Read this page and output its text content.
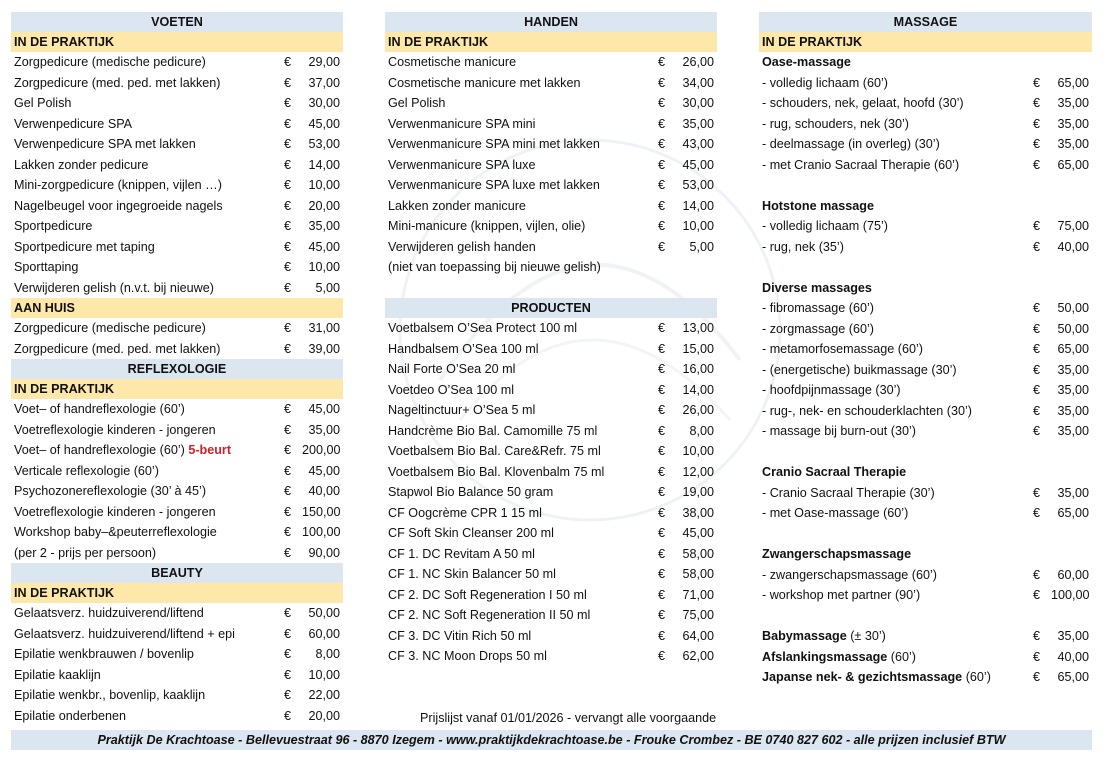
VOETEN
IN DE PRAKTIJK
Zorgpedicure (medische pedicure)	€	29,00
Zorgpedicure (med. ped. met lakken)	€	37,00
Gel Polish	€	30,00
Verwenpedicure SPA	€	45,00
Verwenpedicure SPA met lakken	€	53,00
Lakken zonder pedicure	€	14,00
Mini-zorgpedicure (knippen, vijlen …)	€	10,00
Nagelbeugel voor ingegroeide nagels	€	20,00
Sportpedicure	€	35,00
Sportpedicure met taping	€	45,00
Sporttaping	€	10,00
Verwijderen gelish (n.v.t. bij nieuwe)	€	5,00
AAN HUIS
Zorgpedicure (medische pedicure)	€	31,00
Zorgpedicure (med. ped. met lakken)	€	39,00
REFLEXOLOGIE
IN DE PRAKTIJK
Voet– of handreflexologie (60’)	€	45,00
Voetreflexologie kinderen - jongeren	€	35,00
Voet– of handreflexologie (60’) 5-beurt	€ 200,00
Verticale reflexologie (60’)	€	45,00
Psychozonereflexologie (30’ à 45’)	€	40,00
Voetreflexologie kinderen - jongeren	€ 150,00
Workshop baby–&peuterreflexologie	€ 100,00
(per 2 - prijs per persoon)	€	90,00
BEAUTY
IN DE PRAKTIJK
Gelaatsverz. huidzuiverend/liftend	€	50,00
Gelaatsverz. huidzuiverend/liftend + epi	€	60,00
Epilatie wenkbrauwen / bovenlip	€	8,00
Epilatie kaaklijn	€	10,00
Epilatie wenkbr., bovenlip, kaaklijn	€	22,00
Epilatie onderbenen	€	20,00
HANDEN
IN DE PRAKTIJK
Cosmetische manicure	€	26,00
Cosmetische manicure met lakken	€	34,00
Gel Polish	€	30,00
Verwenmanicure SPA mini	€	35,00
Verwenmanicure SPA mini met lakken	€	43,00
Verwenmanicure SPA luxe	€	45,00
Verwenmanicure SPA luxe met lakken	€	53,00
Lakken zonder manicure	€	14,00
Mini-manicure (knippen, vijlen, olie)	€	10,00
Verwijderen gelish handen	€	5,00
(niet van toepassing bij nieuwe gelish)
PRODUCTEN
Voetbalsem O’Sea Protect 100 ml	€	13,00
Handbalsem O’Sea 100 ml	€	15,00
Nail Forte O’Sea 20 ml	€	16,00
Voetdeo O’Sea 100 ml	€	14,00
Nageltinctuur+ O’Sea 5 ml	€	26,00
Handcrème Bio Bal. Camomille 75 ml	€	8,00
Voetbalsem Bio Bal. Care&Refr. 75 ml	€	10,00
Voetbalsem Bio Bal. Klovenbalm 75 ml	€	12,00
Stapwol Bio Balance 50 gram	€	19,00
CF Oogcrème CPR 1 15 ml	€	38,00
CF Soft Skin Cleanser 200 ml	€	45,00
CF 1. DC Revitam A 50 ml	€	58,00
CF 1. NC Skin Balancer 50 ml	€	58,00
CF 2. DC Soft Regeneration I 50 ml	€	71,00
CF 2. NC Soft Regeneration II 50 ml	€	75,00
CF 3. DC Vitin Rich 50 ml	€	64,00
CF 3. NC Moon Drops 50 ml	€	62,00
MASSAGE
IN DE PRAKTIJK
Oase-massage
- volledig lichaam (60’)	€	65,00
- schouders, nek, gelaat, hoofd (30’)	€	35,00
- rug, schouders, nek (30’)	€	35,00
- deelmassage (in overleg) (30’)	€	35,00
- met Cranio Sacraal Therapie (60’)	€	65,00
Hotstone massage
- volledig lichaam (75’)	€	75,00
- rug, nek (35’)	€	40,00
Diverse massages
- fibromassage (60’)	€	50,00
- zorgmassage (60’)	€	50,00
- metamorfosemassage (60’)	€	65,00
- (energetische) buikmassage (30’)	€	35,00
- hoofdpijnmassage (30’)	€	35,00
- rug-, nek- en schouderklachten (30’)	€	35,00
- massage bij burn-out (30’)	€	35,00
Cranio Sacraal Therapie
- Cranio Sacraal Therapie (30’)	€	35,00
- met Oase-massage (60’)	€	65,00
Zwangerschapsmassage
- zwangerschapsmassage (60’)	€	60,00
- workshop met partner (90’)	€ 100,00
Babymassage (± 30’)	€	35,00
Afslankingsmassage (60’)	€	40,00
Japanse nek- & gezichtsmassage (60’)	€	65,00
Prijslijst vanaf 01/01/2026 - vervangt alle voorgaande
Praktijk De Krachtoase - Bellevuestraat 96 - 8870 Izegem - www.praktijkdekrachtoase.be - Frouke Crombez - BE 0740 827 602 - alle prijzen inclusief BTW
